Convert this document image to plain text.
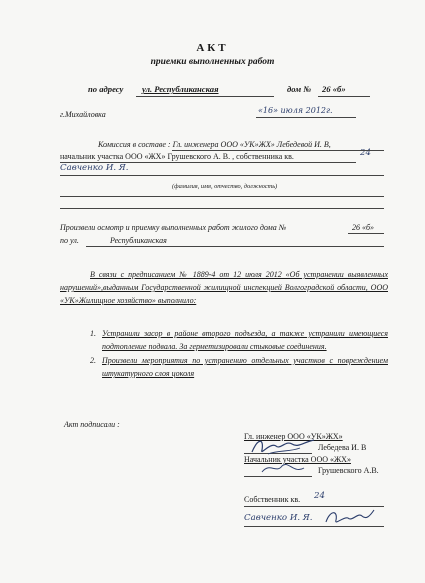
АКТ
приемки выполненных работ
по адресу ул. Республиканская	дом № 26 «б»
г.Михайловка	«16» июля 2012г.
Комиссия в составе : Гл. инженера ООО «УК»ЖХ» Лебедевой И. В,
начальник участка ООО «ЖХ» Грушевского А. В. , собственника кв.	24
Савченко И. Я.
(фамилия, имя, отчество, должность)
Произвели осмотр и приемку выполненных работ жилого дома №	26 «б»
по ул.	Республиканская
В связи с предписанием № 1889-4 от 12 июля 2012 «Об устранении выявленных нарушений»,выданным Государственной жилищной инспекцией Волгоградской области, ООО «УК»Жилищное хозяйство» выполнило:
1. Устранили засор в районе второго подъезда, а также устранили имеющиеся подтопление подвала. За герметизировали стыковые соединения.
2. Произвели мероприятия по устранению отдельных участков с повреждением штукатурного слоя цоколя
Акт подписали :
Гл. инженер ООО «УК»ЖХ»
Лебедева И. В
Начальник участка ООО «ЖХ»
Грушевского А.В.
Собственник кв. 24
Савченко И. Я.
